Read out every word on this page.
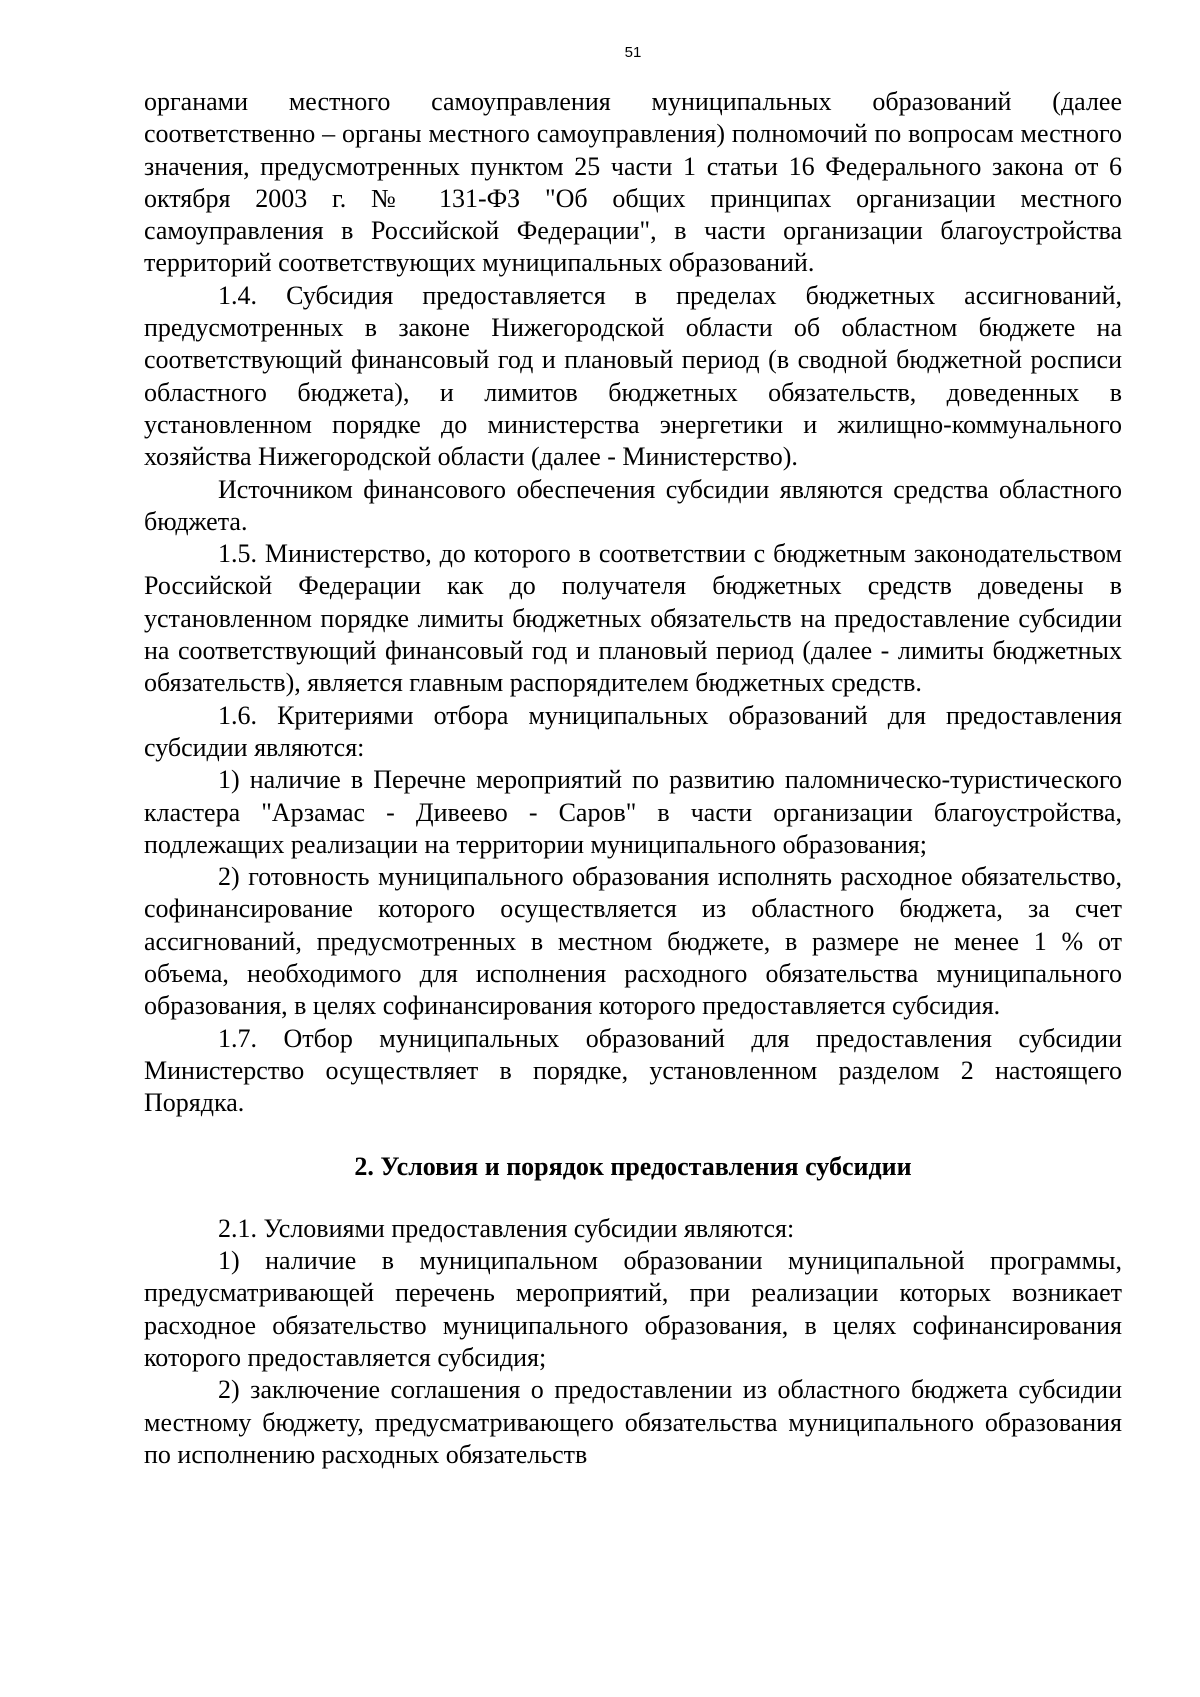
51

органами местного самоуправления муниципальных образований (далее соответственно – органы местного самоуправления) полномочий по вопросам местного значения, предусмотренных пунктом 25 части 1 статьи 16 Федерального закона от 6 октября 2003 г. № 131-ФЗ "Об общих принципах организации местного самоуправления в Российской Федерации", в части организации благоустройства территорий соответствующих муниципальных образований.

1.4. Субсидия предоставляется в пределах бюджетных ассигнований, предусмотренных в законе Нижегородской области об областном бюджете на соответствующий финансовый год и плановый период (в сводной бюджетной росписи областного бюджета), и лимитов бюджетных обязательств, доведенных в установленном порядке до министерства энергетики и жилищно-коммунального хозяйства Нижегородской области (далее - Министерство).

Источником финансового обеспечения субсидии являются средства областного бюджета.

1.5. Министерство, до которого в соответствии с бюджетным законодательством Российской Федерации как до получателя бюджетных средств доведены в установленном порядке лимиты бюджетных обязательств на предоставление субсидии на соответствующий финансовый год и плановый период (далее - лимиты бюджетных обязательств), является главным распорядителем бюджетных средств.

1.6. Критериями отбора муниципальных образований для предоставления субсидии являются:

1) наличие в Перечне мероприятий по развитию паломническо-туристического кластера "Арзамас - Дивеево - Саров" в части организации благоустройства, подлежащих реализации на территории муниципального образования;

2) готовность муниципального образования исполнять расходное обязательство, софинансирование которого осуществляется из областного бюджета, за счет ассигнований, предусмотренных в местном бюджете, в размере не менее 1 % от объема, необходимого для исполнения расходного обязательства муниципального образования, в целях софинансирования которого предоставляется субсидия.

1.7. Отбор муниципальных образований для предоставления субсидии Министерство осуществляет в порядке, установленном разделом 2 настоящего Порядка.

2. Условия и порядок предоставления субсидии

2.1. Условиями предоставления субсидии являются:

1) наличие в муниципальном образовании муниципальной программы, предусматривающей перечень мероприятий, при реализации которых возникает расходное обязательство муниципального образования, в целях софинансирования которого предоставляется субсидия;

2) заключение соглашения о предоставлении из областного бюджета субсидии местному бюджету, предусматривающего обязательства муниципального образования по исполнению расходных обязательств
